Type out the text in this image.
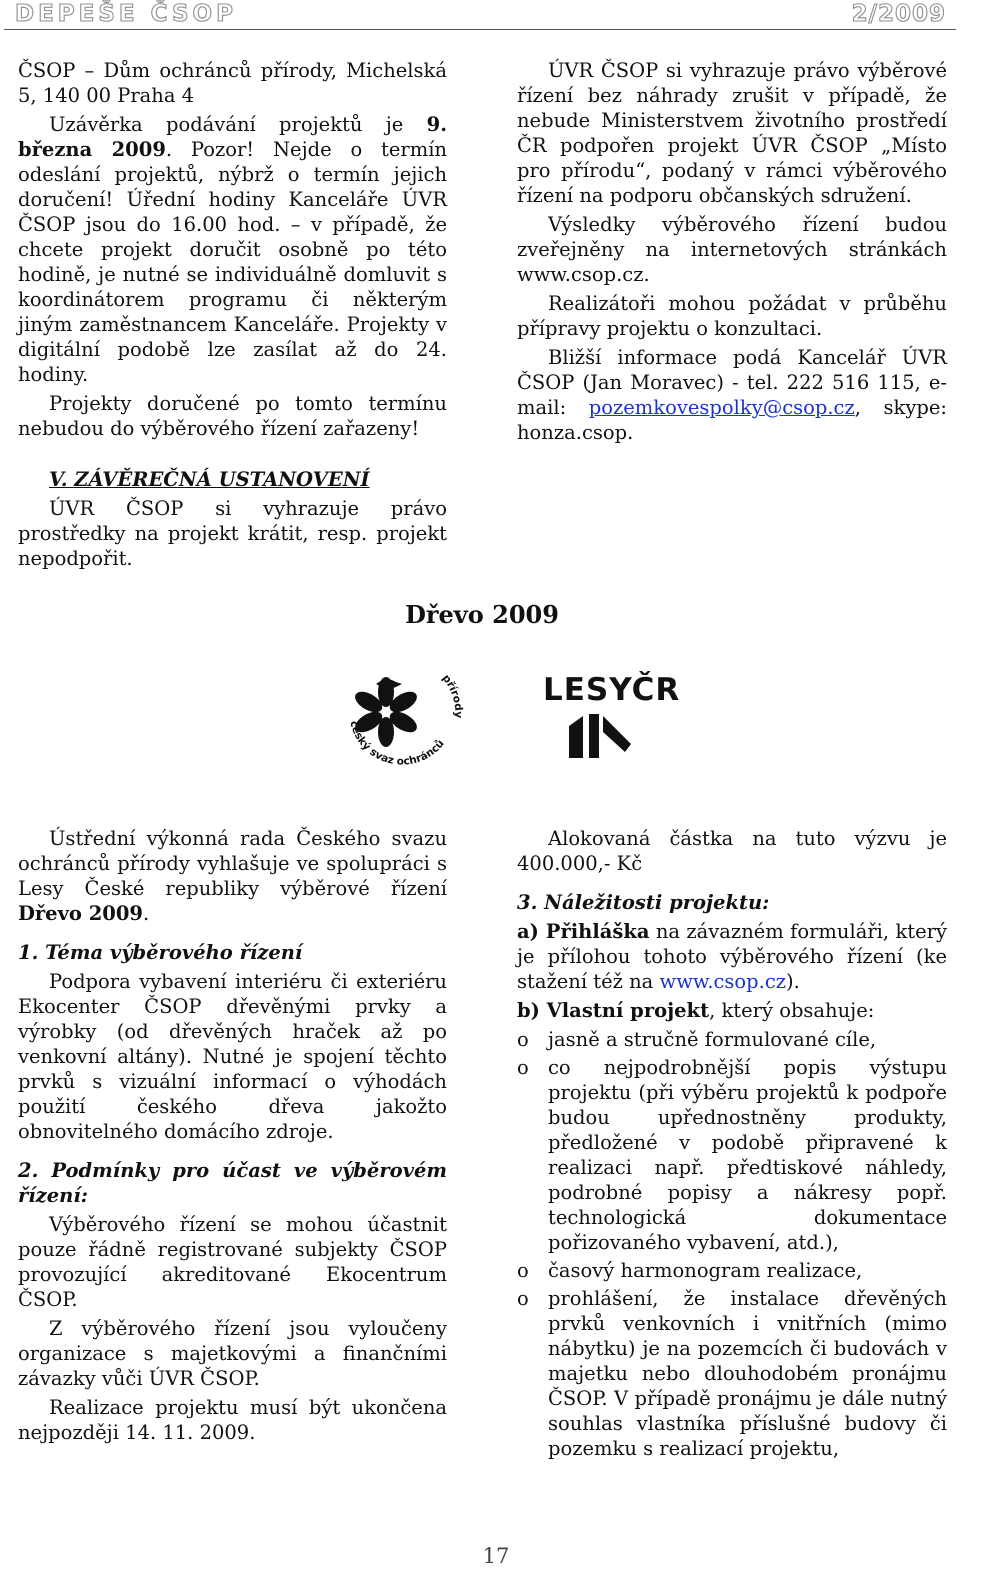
DEPEŠE ČSOP	2/2009

ČSOP – Dům ochránců přírody, Michelská 5, 140 00 Praha 4

Uzávěrka podávání projektů je 9. března 2009. Pozor! Nejde o termín odeslání projektů, nýbrž o termín jejich doručení! Úřední hodiny Kanceláře ÚVR ČSOP jsou do 16.00 hod. – v případě, že chcete projekt doručit osobně po této hodině, je nutné se individuálně domluvit s koordinátorem programu či některým jiným zaměstnancem Kanceláře. Projekty v digitální podobě lze zasílat až do 24. hodiny.

Projekty doručené po tomto termínu nebudou do výběrového řízení zařazeny!

V. ZÁVĚREČNÁ USTANOVENÍ

ÚVR ČSOP si vyhrazuje právo prostředky na projekt krátit, resp. projekt nepodpořit.

ÚVR ČSOP si vyhrazuje právo výběrové řízení bez náhrady zrušit v případě, že nebude Ministerstvem životního prostředí ČR podpořen projekt ÚVR ČSOP „Místo pro přírodu“, podaný v rámci výběrového řízení na podporu občanských sdružení.

Výsledky výběrového řízení budou zveřejněny na internetových stránkách www.csop.cz.

Realizátoři mohou požádat v průběhu přípravy projektu o konzultaci.

Bližší informace podá Kancelář ÚVR ČSOP (Jan Moravec) - tel. 222 516 115, e-mail: pozemkovespolky@csop.cz, skype: honza.csop.

Dřevo 2009
český svaz ochránců
přírody
LESYČR

Ústřední výkonná rada Českého svazu ochránců přírody vyhlašuje ve spolupráci s Lesy České republiky výběrové řízení Dřevo 2009.

1. Téma výběrového řízení

Podpora vybavení interiéru či exteriéru Ekocenter ČSOP dřevěnými prvky a výrobky (od dřevěných hraček až po venkovní altány). Nutné je spojení těchto prvků s vizuální informací o výhodách použití českého dřeva jakožto obnovitelného domácího zdroje.

2. Podmínky pro účast ve výběrovém řízení:

Výběrového řízení se mohou účastnit pouze řádně registrované subjekty ČSOP provozující akreditované Ekocentrum ČSOP.

Z výběrového řízení jsou vyloučeny organizace s majetkovými a finančními závazky vůči ÚVR ČSOP.

Realizace projektu musí být ukončena nejpozději 14. 11. 2009.

Alokovaná částka na tuto výzvu je 400.000,- Kč

3. Náležitosti projektu:

a) Přihláška na závazném formuláři, který je přílohou tohoto výběrového řízení (ke stažení též na www.csop.cz).

b) Vlastní projekt, který obsahuje:

o jasně a stručně formulované cíle,
o co nejpodrobnější popis výstupu projektu (při výběru projektů k podpoře budou upřednostněny produkty, předložené v podobě připravené k realizaci např. předtiskové náhledy, podrobné popisy a nákresy popř. technologická dokumentace pořizovaného vybavení, atd.),
o časový harmonogram realizace,
o prohlášení, že instalace dřevěných prvků venkovních i vnitřních (mimo nábytku) je na pozemcích či budovách v majetku nebo dlouhodobém pronájmu ČSOP. V případě pronájmu je dále nutný souhlas vlastníka příslušné budovy či pozemku s realizací projektu,
17
